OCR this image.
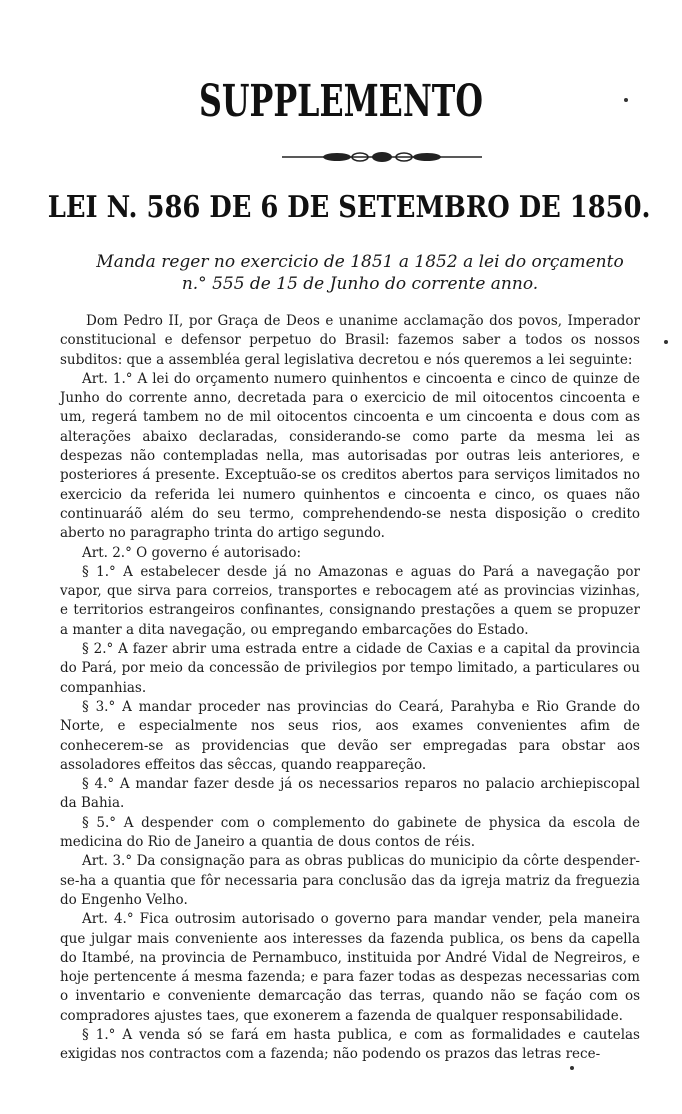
SUPPLEMENTO
LEI N. 586 DE 6 DE SETEMBRO DE 1850.
Manda reger no exercicio de 1851 a 1852 a lei do orçamento
n.° 555 de 15 de Junho do corrente anno.

Dom Pedro II, por Graça de Deos e unanime acclamação dos povos, Imperador constitucional e defensor perpetuo do Brasil: fazemos saber a todos os nossos subditos: que a assembléa geral legislativa decretou e nós queremos a lei seguinte:

Art. 1.° A lei do orçamento numero quinhentos e cincoenta e cinco de quinze de Junho do corrente anno, decretada para o exercicio de mil oitocentos cincoenta e um, regerá tambem no de mil oitocentos cincoenta e um cincoenta e dous com as alterações abaixo declaradas, considerando-se como parte da mesma lei as despezas não contempladas nella, mas autorisadas por outras leis anteriores, e posteriores á presente. Exceptuão-se os creditos abertos para serviços limitados no exercicio da referida lei numero quinhentos e cincoenta e cinco, os quaes não continuaráõ além do seu termo, comprehendendo-se nesta disposição o credito aberto no paragrapho trinta do artigo segundo.

Art. 2.° O governo é autorisado:

§ 1.° A estabelecer desde já no Amazonas e aguas do Pará a navegação por vapor, que sirva para correios, transportes e rebocagem até as provincias vizinhas, e territorios estrangeiros confinantes, consignando prestações a quem se propuzer a manter a dita navegação, ou empregando embarcações do Estado.

§ 2.° A fazer abrir uma estrada entre a cidade de Caxias e a capital da provincia do Pará, por meio da concessão de privilegios por tempo limitado, a particulares ou companhias.

§ 3.° A mandar proceder nas provincias do Ceará, Parahyba e Rio Grande do Norte, e especialmente nos seus rios, aos exames convenientes afim de conhecerem-se as providencias que devão ser empregadas para obstar aos assoladores effeitos das sêccas, quando reappareção.

§ 4.° A mandar fazer desde já os necessarios reparos no palacio archiepiscopal da Bahia.

§ 5.° A despender com o complemento do gabinete de physica da escola de medicina do Rio de Janeiro a quantia de dous contos de réis.

Art. 3.° Da consignação para as obras publicas do municipio da côrte despender-se-ha a quantia que fôr necessaria para conclusão das da igreja matriz da freguezia do Engenho Velho.

Art. 4.° Fica outrosim autorisado o governo para mandar vender, pela maneira que julgar mais conveniente aos interesses da fazenda publica, os bens da capella do Itambé, na provincia de Pernambuco, instituida por André Vidal de Negreiros, e hoje pertencente á mesma fazenda; e para fazer todas as despezas necessarias com o inventario e conveniente demarcação das terras, quando não se façáo com os compradores ajustes taes, que exonerem a fazenda de qualquer responsabilidade.

§ 1.° A venda só se fará em hasta publica, e com as formalidades e cautelas exigidas nos contractos com a fazenda; não podendo os prazos das letras rece-
